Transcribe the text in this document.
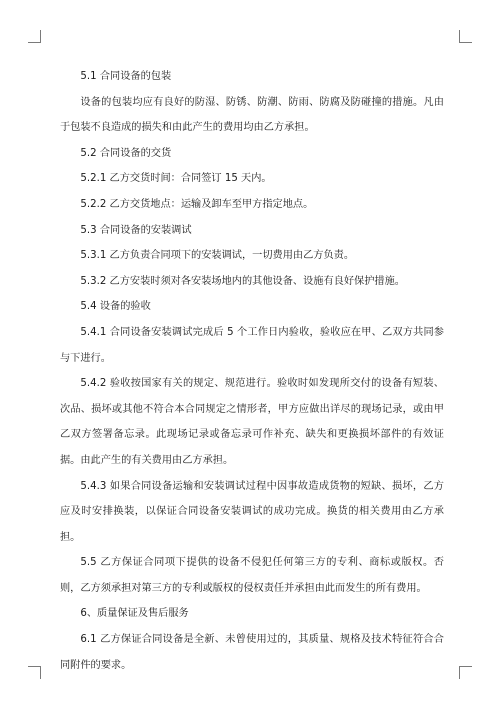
5.1 合同设备的包装

设备的包装均应有良好的防湿、防锈、防潮、防雨、防腐及防碰撞的措施。凡由于包装不良造成的损失和由此产生的费用均由乙方承担。

5.2 合同设备的交货

5.2.1 乙方交货时间：合同签订 15 天内。

5.2.2 乙方交货地点：运输及卸车至甲方指定地点。

5.3 合同设备的安装调试

5.3.1 乙方负责合同项下的安装调试，一切费用由乙方负责。

5.3.2 乙方安装时须对各安装场地内的其他设备、设施有良好保护措施。

5.4 设备的验收

5.4.1 合同设备安装调试完成后 5 个工作日内验收，验收应在甲、乙双方共同参与下进行。

5.4.2 验收按国家有关的规定、规范进行。验收时如发现所交付的设备有短装、次品、损坏或其他不符合本合同规定之情形者，甲方应做出详尽的现场记录，或由甲乙双方签署备忘录。此现场记录或备忘录可作补充、缺失和更换损坏部件的有效证据。由此产生的有关费用由乙方承担。

5.4.3 如果合同设备运输和安装调试过程中因事故造成货物的短缺、损坏，乙方应及时安排换装，以保证合同设备安装调试的成功完成。换货的相关费用由乙方承担。

5.5 乙方保证合同项下提供的设备不侵犯任何第三方的专利、商标或版权。否则，乙方须承担对第三方的专利或版权的侵权责任并承担由此而发生的所有费用。

6、质量保证及售后服务

6.1 乙方保证合同设备是全新、未曾使用过的，其质量、规格及技术特征符合合同附件的要求。
